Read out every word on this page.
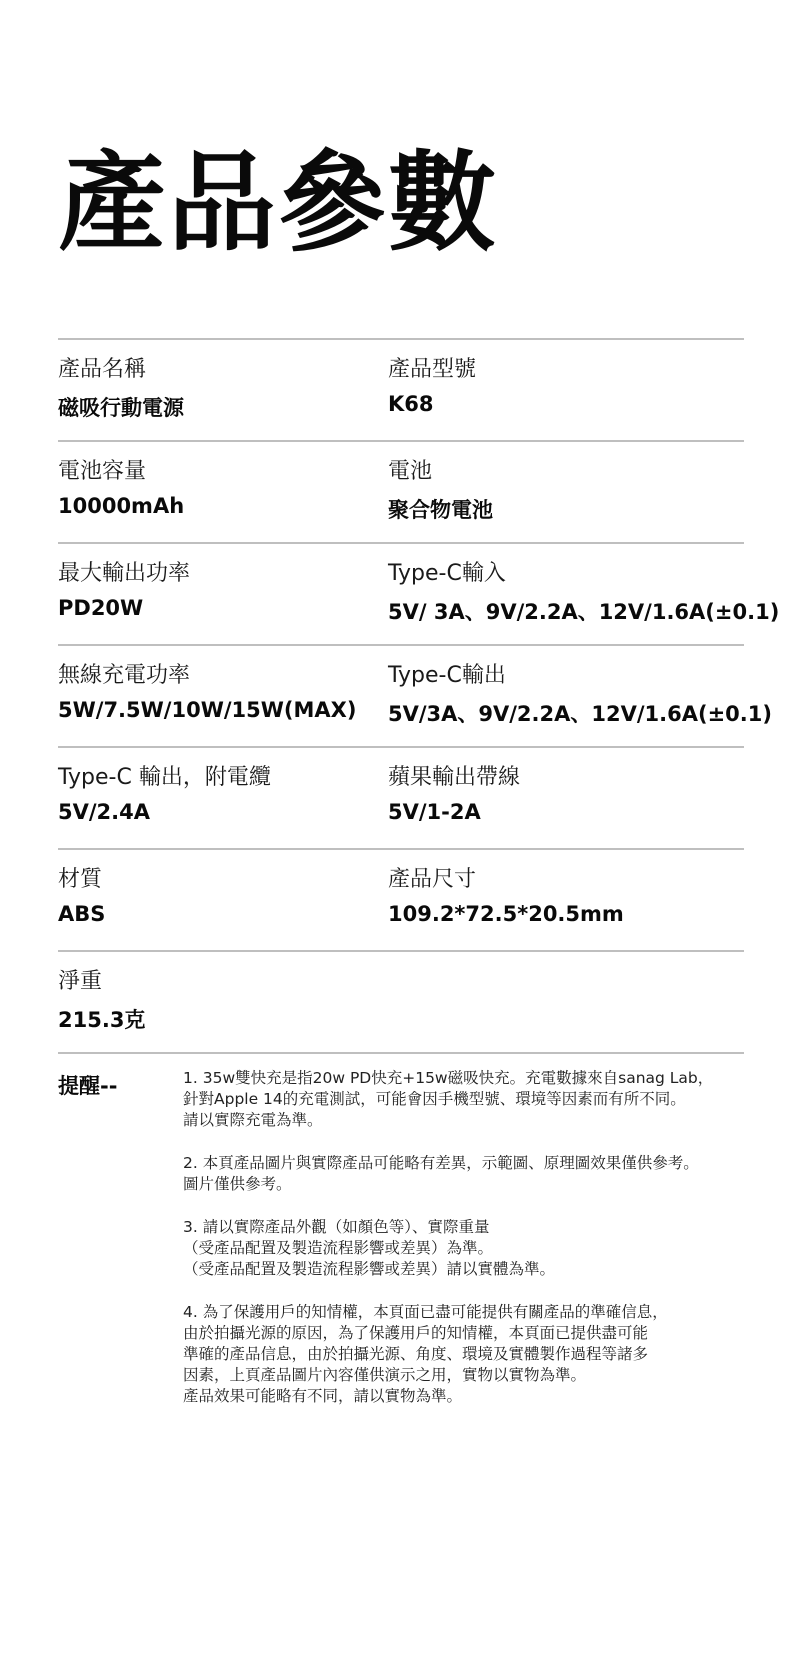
產品參數
產品名稱
磁吸行動電源
產品型號
K68
電池容量
10000mAh
電池
聚合物電池
最大輸出功率
PD20W
Type-C輸入
5V/ 3A、9V/2.2A、12V/1.6A(±0.1)
無線充電功率
5W/7.5W/10W/15W(MAX)
Type-C輸出
5V/3A、9V/2.2A、12V/1.6A(±0.1)
Type-C 輸出，附電纜
5V/2.4A
蘋果輸出帶線
5V/1-2A
材質
ABS
產品尺寸
109.2*72.5*20.5mm
淨重
215.3克
提醒--	1. 35w雙快充是指20w PD快充+15w磁吸快充。充電數據來自sanag Lab，

針對Apple 14的充電測試，可能會因手機型號、環境等因素而有所不同。

請以實際充電為準。

2. 本頁產品圖片與實際產品可能略有差異，示範圖、原理圖效果僅供參考。

圖片僅供參考。

3. 請以實際產品外觀（如顏色等）、實際重量

（受產品配置及製造流程影響或差異）為準。

（受產品配置及製造流程影響或差異）請以實體為準。

4. 為了保護用戶的知情權，本頁面已盡可能提供有關產品的準確信息，

由於拍攝光源的原因，為了保護用戶的知情權，本頁面已提供盡可能

準確的產品信息，由於拍攝光源、角度、環境及實體製作過程等諸多

因素，上頁產品圖片內容僅供演示之用，實物以實物為準。

產品效果可能略有不同，請以實物為準。
